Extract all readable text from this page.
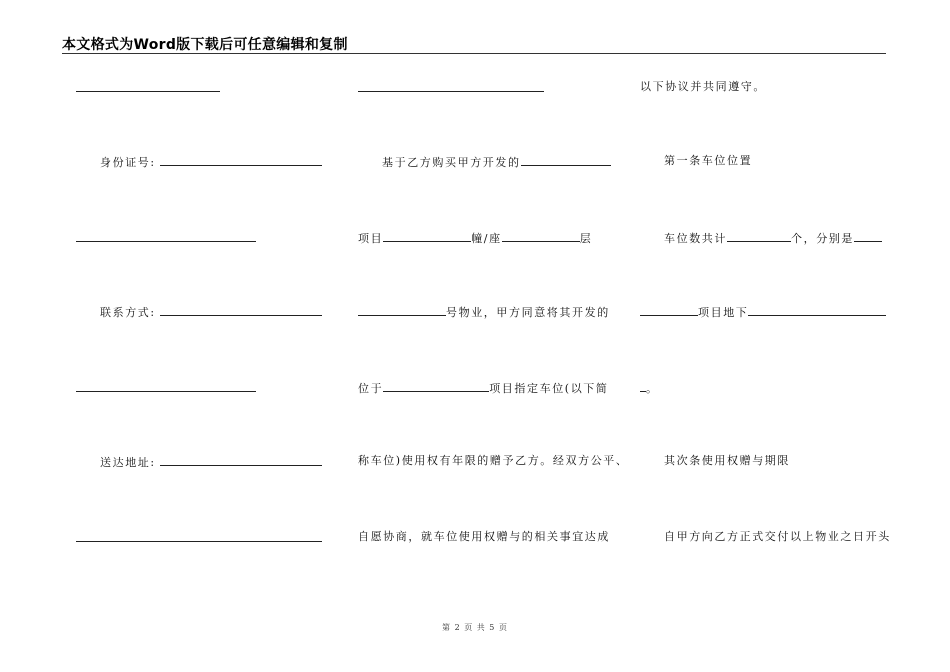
本文格式为Word版下载后可任意编辑和复制
身份证号:
联系方式:
送达地址:
基于乙方购买甲方开发的
项目	幢/座	层
号物业，甲方同意将其开发的
位于	项目指定车位(以下简
称车位)使用权有年限的赠予乙方。经双方公平、
自愿协商，就车位使用权赠与的相关事宜达成
以下协议并共同遵守。
第一条车位位置
车位数共计	个，分别是
项目地下
。
其次条使用权赠与期限
自甲方向乙方正式交付以上物业之日开头
第 2 页 共 5 页
